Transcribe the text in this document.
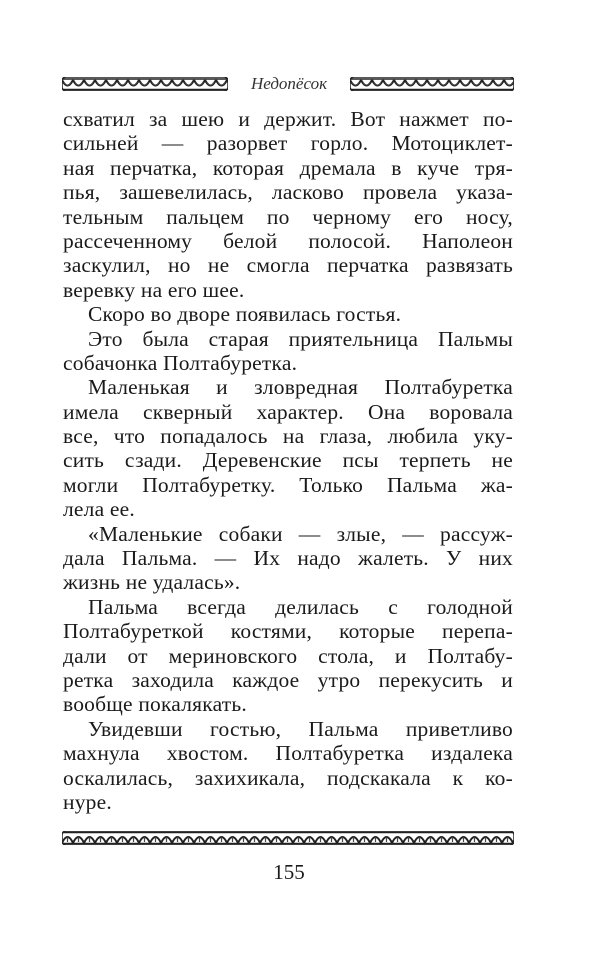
Недопёсок
схватил за шею и держит. Вот нажмет по-
сильней — разорвет горло. Мотоциклет-
ная перчатка, которая дремала в куче тря-
пья, зашевелилась, ласково провела указа-
тельным пальцем по черному его носу,
рассеченному белой полосой. Наполеон
заскулил, но не смогла перчатка развязать
веревку на его шее.
Скоро во дворе появилась гостья.
Это была старая приятельница Пальмы
собачонка Полтабуретка.
Маленькая и зловредная Полтабуретка
имела скверный характер. Она воровала
все, что попадалось на глаза, любила уку-
сить сзади. Деревенские псы терпеть не
могли Полтабуретку. Только Пальма жа-
лела ее.
«Маленькие собаки — злые, — рассуж-
дала Пальма. — Их надо жалеть. У них
жизнь не удалась».
Пальма всегда делилась с голодной
Полтабуреткой костями, которые перепа-
дали от мериновского стола, и Полтабу-
ретка заходила каждое утро перекусить и
вообще покалякать.
Увидевши гостью, Пальма приветливо
махнула хвостом. Полтабуретка издалека
оскалилась, захихикала, подскакала к ко-
нуре.
155
